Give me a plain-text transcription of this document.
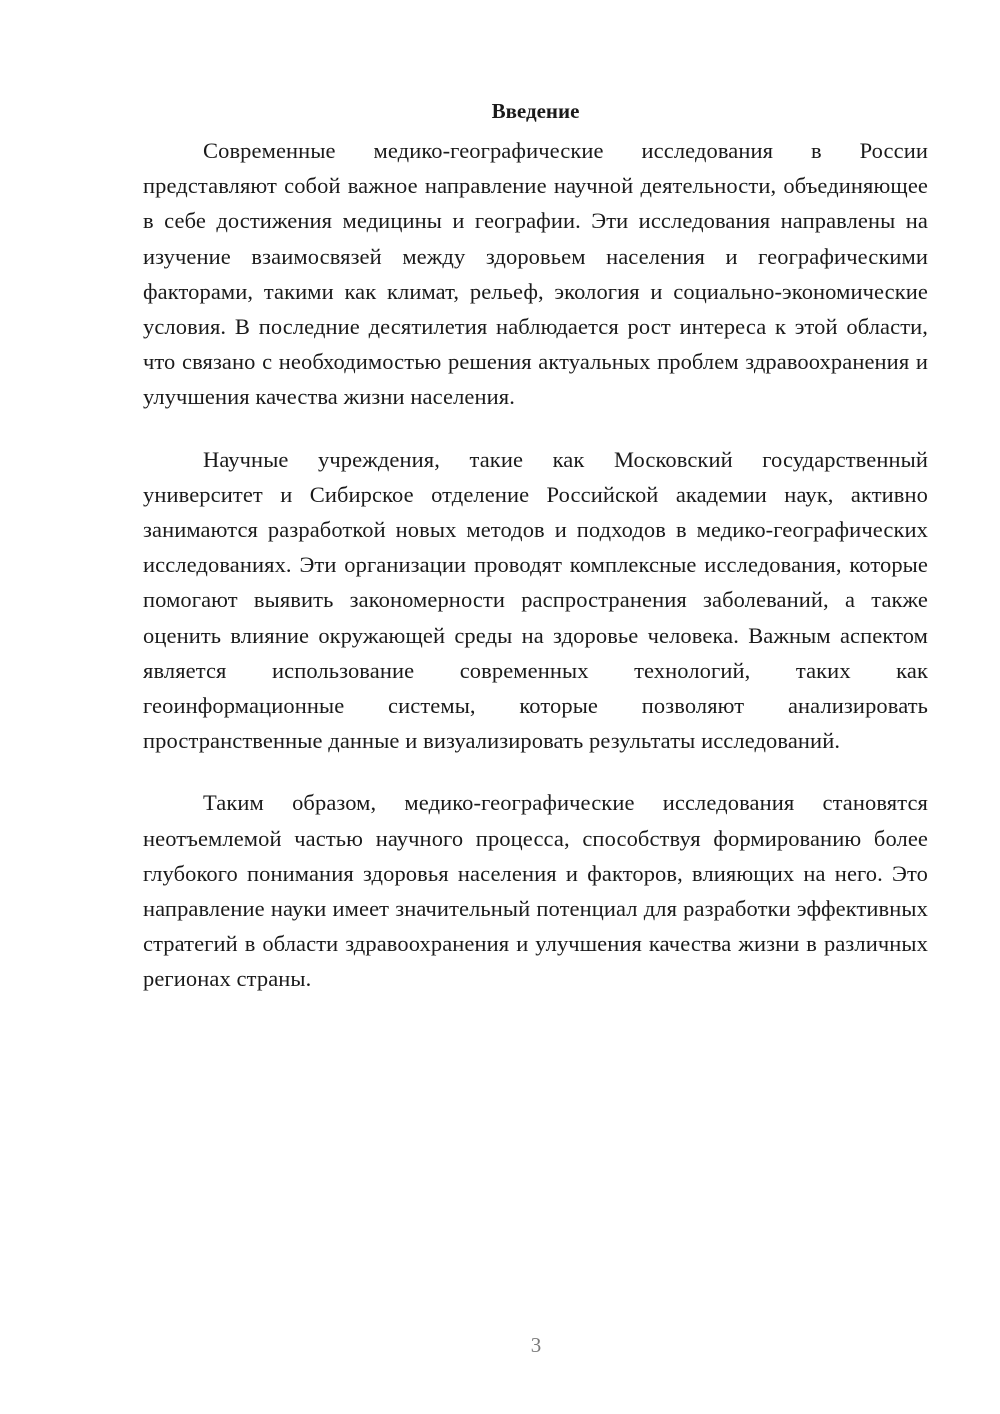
Введение

Современные медико-географические исследования в России представляют собой важное направление научной деятельности, объединяющее в себе достижения медицины и географии. Эти исследования направлены на изучение взаимосвязей между здоровьем населения и географическими факторами, такими как климат, рельеф, экология и социально-экономические условия. В последние десятилетия наблюдается рост интереса к этой области, что связано с необходимостью решения актуальных проблем здравоохранения и улучшения качества жизни населения.

Научные учреждения, такие как Московский государственный университет и Сибирское отделение Российской академии наук, активно занимаются разработкой новых методов и подходов в медико-географических исследованиях. Эти организации проводят комплексные исследования, которые помогают выявить закономерности распространения заболеваний, а также оценить влияние окружающей среды на здоровье человека. Важным аспектом является использование современных технологий, таких как геоинформационные системы, которые позволяют анализировать пространственные данные и визуализировать результаты исследований.

Таким образом, медико-географические исследования становятся неотъемлемой частью научного процесса, способствуя формированию более глубокого понимания здоровья населения и факторов, влияющих на него. Это направление науки имеет значительный потенциал для разработки эффективных стратегий в области здравоохранения и улучшения качества жизни в различных регионах страны.

3
